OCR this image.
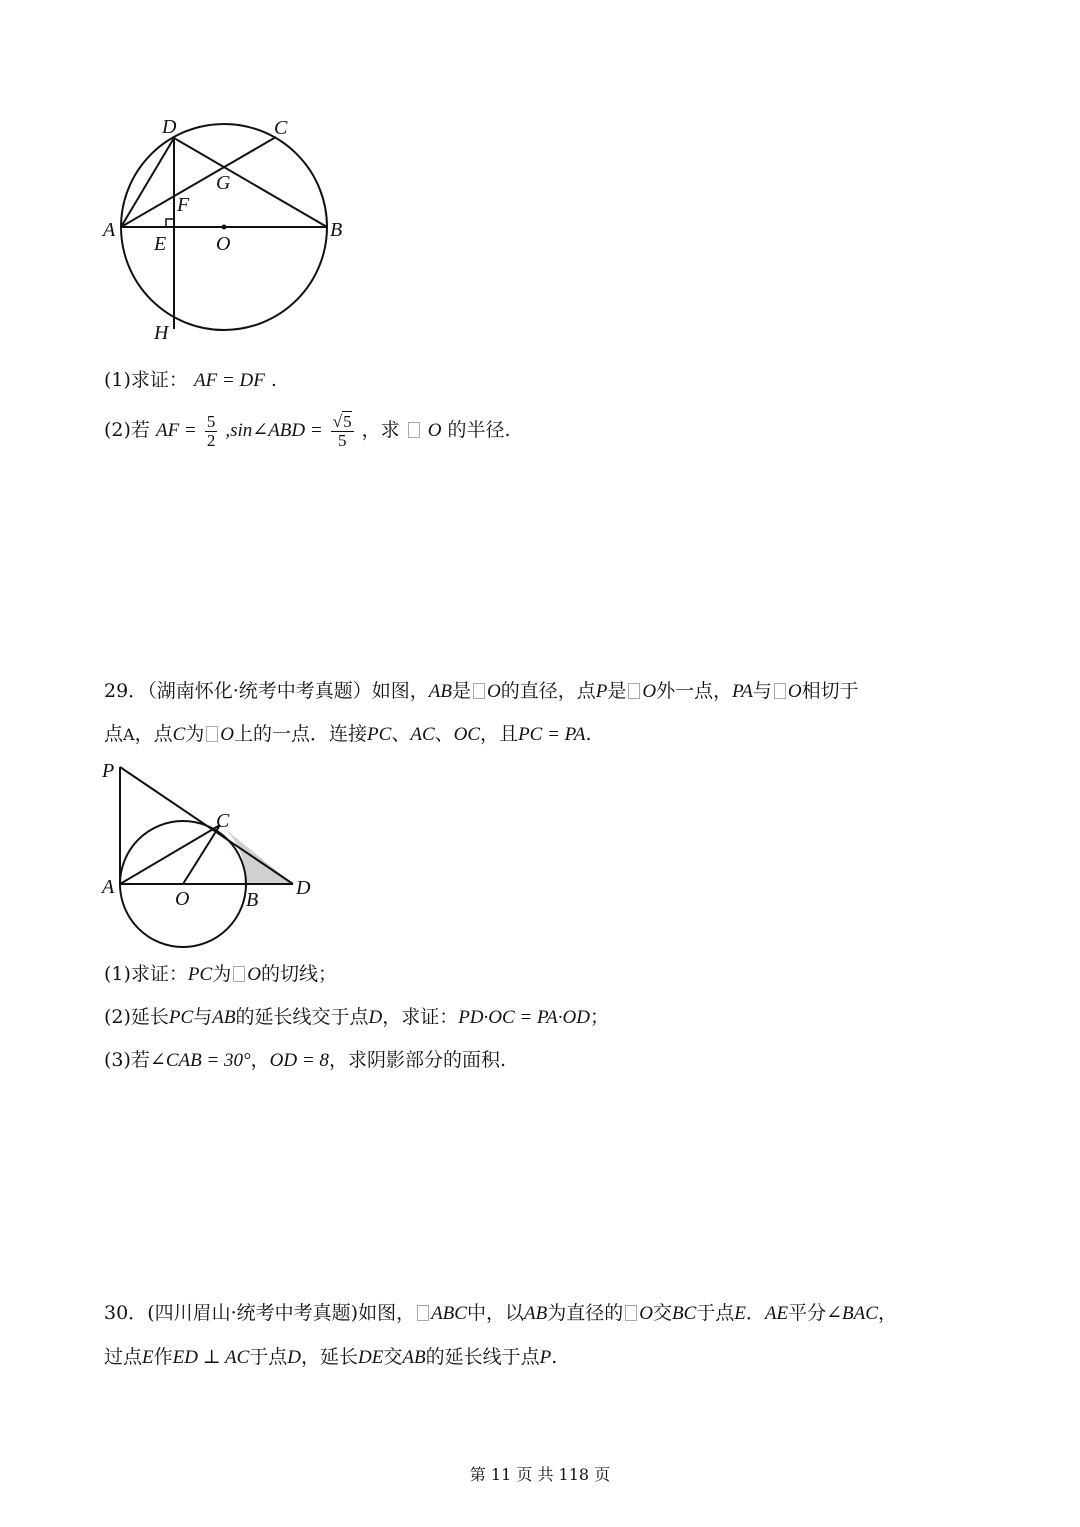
D	C
G
F
A
E O
B
H
(1)求证： AF = DF .
(2)若 AF = $\frac{5}{2}$ ,sin∠ABD = $\frac{√5}{5}$ ，求 O 的半径.
29．（湖南怀化·统考中考真题）如图，AB是 O的直径，点P是 O外一点，PA与 O相切于
点A，点C为 O上的一点．连接PC、AC、OC，且PC = PA.
P
C
A
O	B
D
(1)求证：PC为 O的切线；
(2)延长PC与AB的延长线交于点D，求证：PD·OC = PA·OD；
(3)若∠CAB = 30°，OD = 8，求阴影部分的面积.
30．(四川眉山·统考中考真题)如图， ABC中，以AB为直径的 O交BC于点E．AE平分∠BAC，
过点E作ED ⊥ AC于点D，延长DE交AB的延长线于点P.
第 11 页 共 118 页
